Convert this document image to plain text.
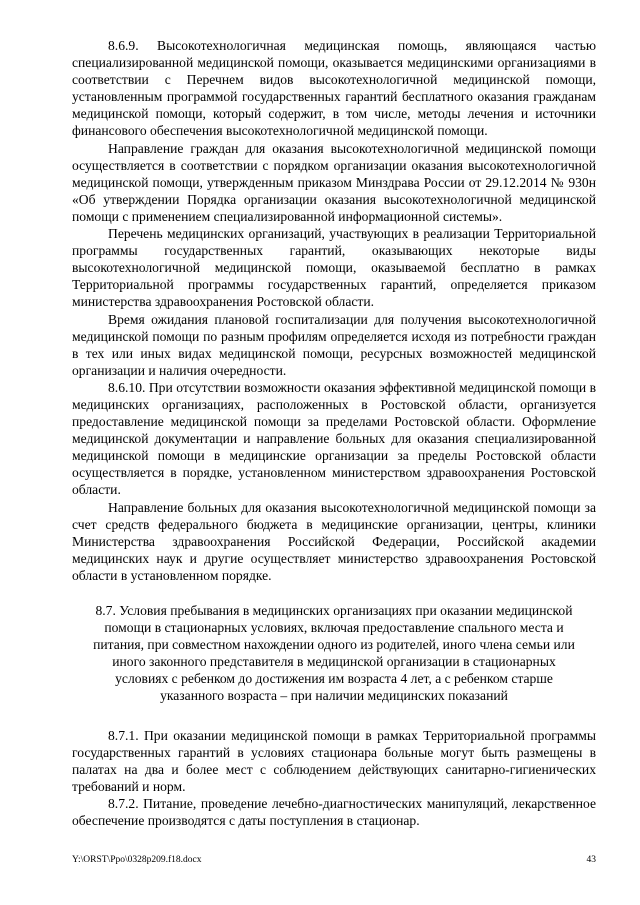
8.6.9. Высокотехнологичная медицинская помощь, являющаяся частью специализированной медицинской помощи, оказывается медицинскими организациями в соответствии с Перечнем видов высокотехнологичной медицинской помощи, установленным программой государственных гарантий бесплатного оказания гражданам медицинской помощи, который содержит, в том числе, методы лечения и источники финансового обеспечения высокотехнологичной медицинской помощи.

Направление граждан для оказания высокотехнологичной медицинской помощи осуществляется в соответствии с порядком организации оказания высокотехнологичной медицинской помощи, утвержденным приказом Минздрава России от 29.12.2014 № 930н «Об утверждении Порядка организации оказания высокотехнологичной медицинской помощи с применением специализированной информационной системы».

Перечень медицинских организаций, участвующих в реализации Территориальной программы государственных гарантий, оказывающих некоторые виды высокотехнологичной медицинской помощи, оказываемой бесплатно в рамках Территориальной программы государственных гарантий, определяется приказом министерства здравоохранения Ростовской области.

Время ожидания плановой госпитализации для получения высокотехнологичной медицинской помощи по разным профилям определяется исходя из потребности граждан в тех или иных видах медицинской помощи, ресурсных возможностей медицинской организации и наличия очередности.

8.6.10. При отсутствии возможности оказания эффективной медицинской помощи в медицинских организациях, расположенных в Ростовской области, организуется предоставление медицинской помощи за пределами Ростовской области. Оформление медицинской документации и направление больных для оказания специализированной медицинской помощи в медицинские организации за пределы Ростовской области осуществляется в порядке, установленном министерством здравоохранения Ростовской области.

Направление больных для оказания высокотехнологичной медицинской помощи за счет средств федерального бюджета в медицинские организации, центры, клиники Министерства здравоохранения Российской Федерации, Российской академии медицинских наук и другие осуществляет министерство здравоохранения Ростовской области в установленном порядке.

8.7. Условия пребывания в медицинских организациях при оказании медицинской помощи в стационарных условиях, включая предоставление спального места и питания, при совместном нахождении одного из родителей, иного члена семьи или иного законного представителя в медицинской организации в стационарных условиях с ребенком до достижения им возраста 4 лет, а с ребенком старше указанного возраста – при наличии медицинских показаний

8.7.1. При оказании медицинской помощи в рамках Территориальной программы государственных гарантий в условиях стационара больные могут быть размещены в палатах на два и более мест с соблюдением действующих санитарно-гигиенических требований и норм.

8.7.2. Питание, проведение лечебно-диагностических манипуляций, лекарственное обеспечение производятся с даты поступления в стационар.

Y:\ORST\Ppo\0328p209.f18.docx	43
